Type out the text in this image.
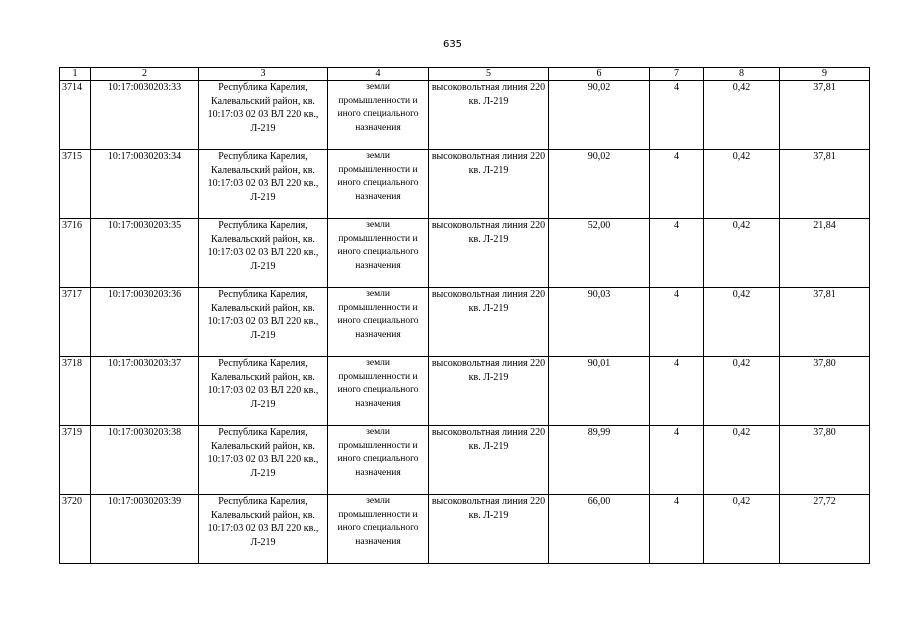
635
1	2	3	4	5	6	7	8	9
3714	10:17:0030203:33	Республика Карелия, Калевальский район, кв. 10:17:03 02 03 ВЛ 220 кв., Л-219	земли промышленности и иного специального назначения	высоковольтная линия 220 кв. Л-219	90,02	4	0,42	37,81
3715	10:17:0030203:34	Республика Карелия, Калевальский район, кв. 10:17:03 02 03 ВЛ 220 кв., Л-219	земли промышленности и иного специального назначения	высоковольтная линия 220 кв. Л-219	90,02	4	0,42	37,81
3716	10:17:0030203:35	Республика Карелия, Калевальский район, кв. 10:17:03 02 03 ВЛ 220 кв., Л-219	земли промышленности и иного специального назначения	высоковольтная линия 220 кв. Л-219	52,00	4	0,42	21,84
3717	10:17:0030203:36	Республика Карелия, Калевальский район, кв. 10:17:03 02 03 ВЛ 220 кв., Л-219	земли промышленности и иного специального назначения	высоковольтная линия 220 кв. Л-219	90,03	4	0,42	37,81
3718	10:17:0030203:37	Республика Карелия, Калевальский район, кв. 10:17:03 02 03 ВЛ 220 кв., Л-219	земли промышленности и иного специального назначения	высоковольтная линия 220 кв. Л-219	90,01	4	0,42	37,80
3719	10:17:0030203:38	Республика Карелия, Калевальский район, кв. 10:17:03 02 03 ВЛ 220 кв., Л-219	земли промышленности и иного специального назначения	высоковольтная линия 220 кв. Л-219	89,99	4	0,42	37,80
3720	10:17:0030203:39	Республика Карелия, Калевальский район, кв. 10:17:03 02 03 ВЛ 220 кв., Л-219	земли промышленности и иного специального назначения	высоковольтная линия 220 кв. Л-219	66,00	4	0,42	27,72
